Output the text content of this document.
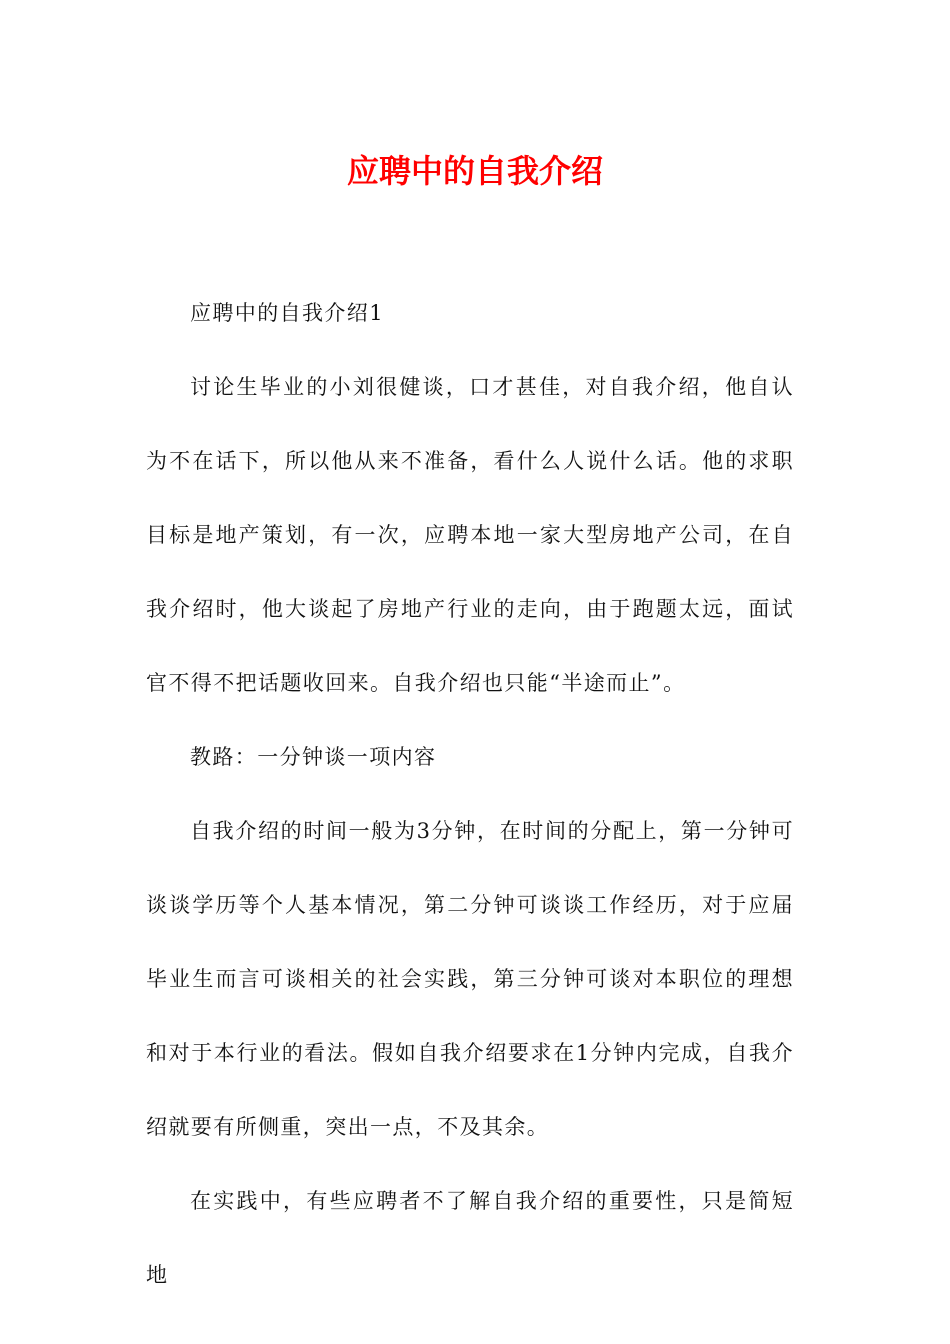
应聘中的自我介绍

应聘中的自我介绍1

讨论生毕业的小刘很健谈，口才甚佳，对自我介绍，他自认为不在话下，所以他从来不准备，看什么人说什么话。他的求职目标是地产策划，有一次，应聘本地一家大型房地产公司，在自我介绍时，他大谈起了房地产行业的走向，由于跑题太远，面试官不得不把话题收回来。自我介绍也只能“半途而止”。

教路：一分钟谈一项内容

自我介绍的时间一般为3分钟，在时间的分配上，第一分钟可谈谈学历等个人基本情况，第二分钟可谈谈工作经历，对于应届毕业生而言可谈相关的社会实践，第三分钟可谈对本职位的理想和对于本行业的看法。假如自我介绍要求在1分钟内完成，自我介绍就要有所侧重，突出一点，不及其余。

在实践中，有些应聘者不了解自我介绍的重要性，只是简短地
